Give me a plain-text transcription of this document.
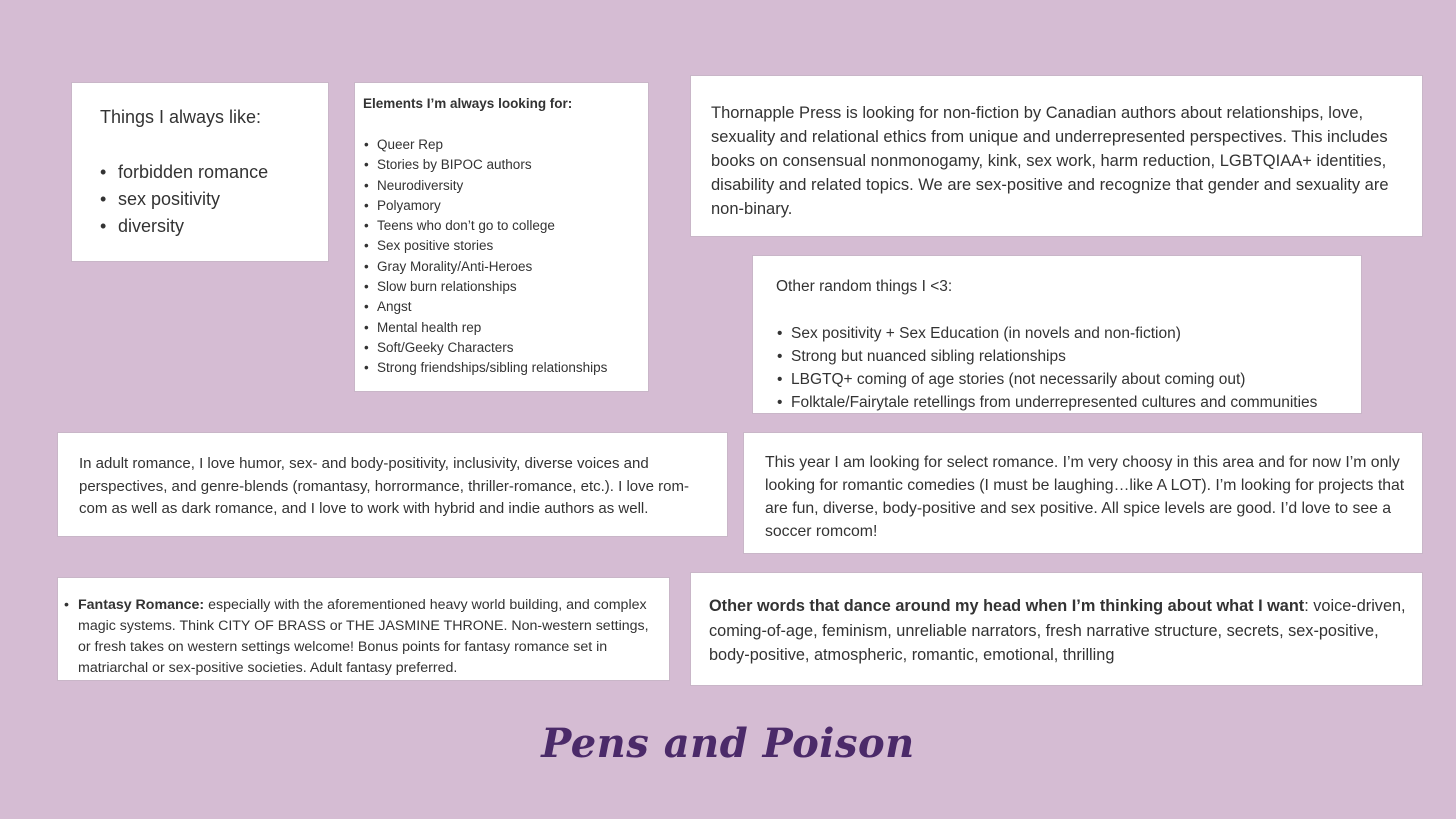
Things I always like:
• forbidden romance
• sex positivity
• diversity
Elements I’m always looking for:
• Queer Rep
• Stories by BIPOC authors
• Neurodiversity
• Polyamory
• Teens who don’t go to college
• Sex positive stories
• Gray Morality/Anti-Heroes
• Slow burn relationships
• Angst
• Mental health rep
• Soft/Geeky Characters
• Strong friendships/sibling relationships
Thornapple Press is looking for non-fiction by Canadian authors about relationships, love, sexuality and relational ethics from unique and underrepresented perspectives. This includes books on consensual nonmonogamy, kink, sex work, harm reduction, LGBTQIAA+ identities, disability and related topics. We are sex-positive and recognize that gender and sexuality are non-binary.
Other random things I <3:
• Sex positivity + Sex Education (in novels and non-fiction)
• Strong but nuanced sibling relationships
• LBGTQ+ coming of age stories (not necessarily about coming out)
• Folktale/Fairytale retellings from underrepresented cultures and communities
In adult romance, I love humor, sex- and body-positivity, inclusivity, diverse voices and perspectives, and genre-blends (romantasy, horrormance, thriller-romance, etc.). I love rom-com as well as dark romance, and I love to work with hybrid and indie authors as well.
This year I am looking for select romance. I’m very choosy in this area and for now I’m only looking for romantic comedies (I must be laughing…like A LOT). I’m looking for projects that are fun, diverse, body-positive and sex positive. All spice levels are good. I’d love to see a soccer romcom!
• Fantasy Romance: especially with the aforementioned heavy world building, and complex magic systems. Think CITY OF BRASS or THE JASMINE THRONE. Non-western settings, or fresh takes on western settings welcome! Bonus points for fantasy romance set in matriarchal or sex-positive societies. Adult fantasy preferred.
Other words that dance around my head when I’m thinking about what I want: voice-driven, coming-of-age, feminism, unreliable narrators, fresh narrative structure, secrets, sex-positive, body-positive, atmospheric, romantic, emotional, thrilling
Pens and Poison
